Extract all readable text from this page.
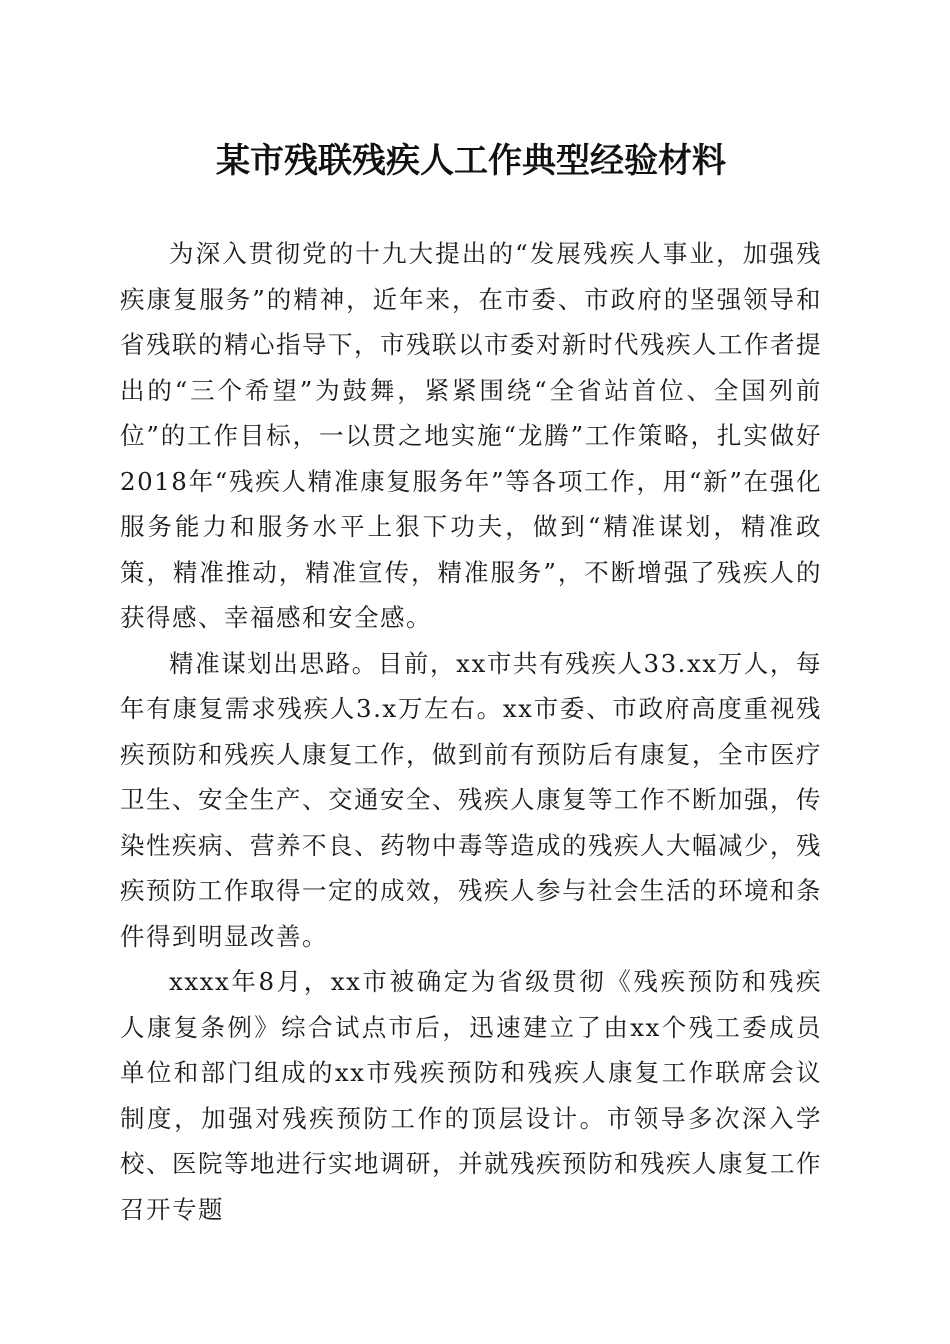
某市残联残疾人工作典型经验材料

为深入贯彻党的十九大提出的“发展残疾人事业，加强残疾康复服务”的精神，近年来，在市委、市政府的坚强领导和省残联的精心指导下，市残联以市委对新时代残疾人工作者提出的“三个希望”为鼓舞，紧紧围绕“全省站首位、全国列前位”的工作目标，一以贯之地实施“龙腾”工作策略，扎实做好2018年“残疾人精准康复服务年”等各项工作，用“新”在强化服务能力和服务水平上狠下功夫，做到“精准谋划，精准政策，精准推动，精准宣传，精准服务”，不断增强了残疾人的获得感、幸福感和安全感。

精准谋划出思路。目前，xx市共有残疾人33.xx万人，每年有康复需求残疾人3.x万左右。xx市委、市政府高度重视残疾预防和残疾人康复工作，做到前有预防后有康复，全市医疗卫生、安全生产、交通安全、残疾人康复等工作不断加强，传染性疾病、营养不良、药物中毒等造成的残疾人大幅减少，残疾预防工作取得一定的成效，残疾人参与社会生活的环境和条件得到明显改善。

xxxx年8月，xx市被确定为省级贯彻《残疾预防和残疾人康复条例》综合试点市后，迅速建立了由xx个残工委成员单位和部门组成的xx市残疾预防和残疾人康复工作联席会议制度，加强对残疾预防工作的顶层设计。市领导多次深入学校、医院等地进行实地调研，并就残疾预防和残疾人康复工作召开专题
